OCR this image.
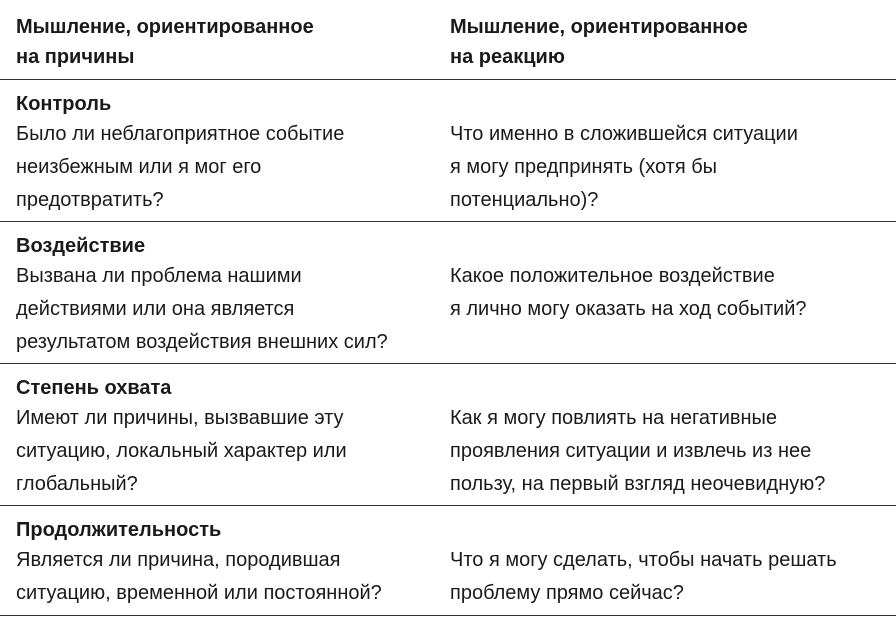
Мышление, ориентированное
на причины
Мышление, ориентированное
на реакцию
Контроль
Было ли неблагоприятное событие
неизбежным или я мог его
предотвратить?
Что именно в сложившейся ситуации
я могу предпринять (хотя бы
потенциально)?
Воздействие
Вызвана ли проблема нашими
действиями или она является
результатом воздействия внешних сил?
Какое положительное воздействие
я лично могу оказать на ход событий?
Степень охвата
Имеют ли причины, вызвавшие эту
ситуацию, локальный характер или
глобальный?
Как я могу повлиять на негативные
проявления ситуации и извлечь из нее
пользу, на первый взгляд неочевидную?
Продолжительность
Является ли причина, породившая
ситуацию, временной или постоянной?
Что я могу сделать, чтобы начать решать
проблему прямо сейчас?
